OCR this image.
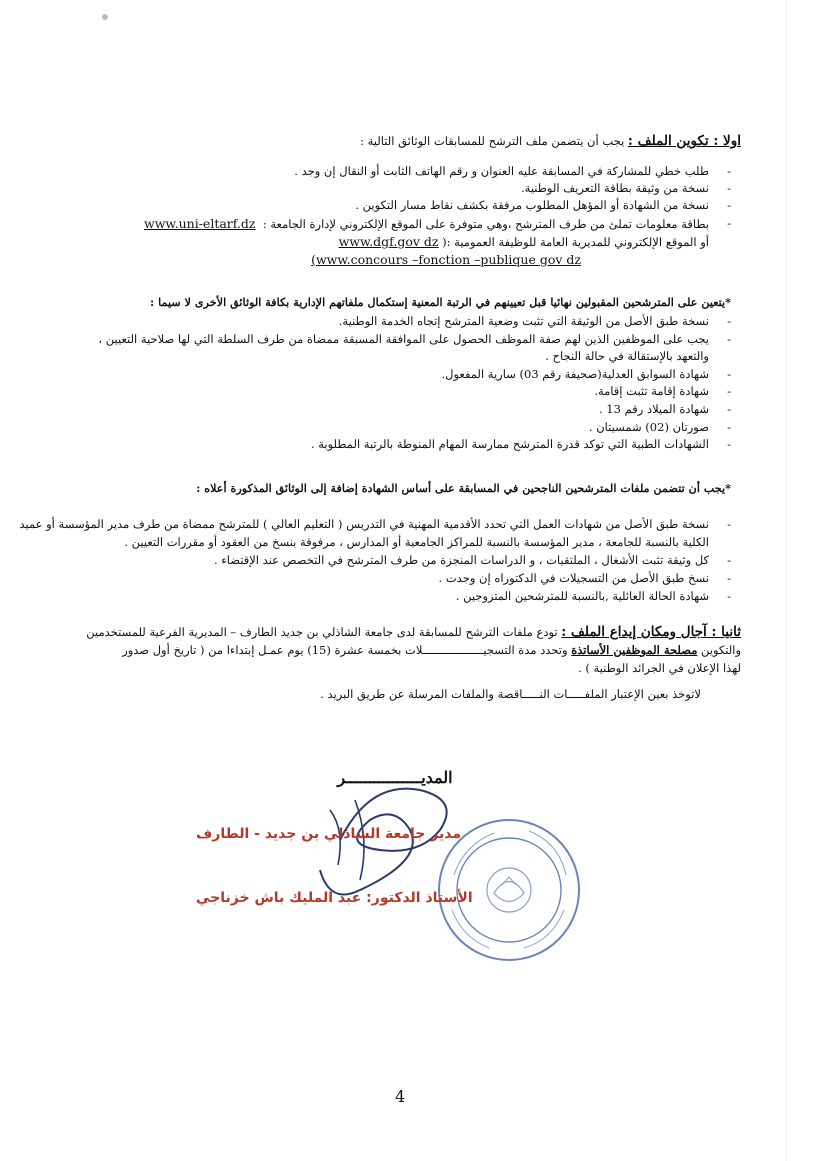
اولا : تكوين الملف : يجب أن يتضمن ملف الترشح للمسابقات الوثائق التالية :
-
طلب خطي للمشاركة في المسابقة عليه العنوان و رقم الهاتف الثابت أو النقال إن وجد .
-
نسخة من وثيقة بطاقة التعريف الوطنية.
-
نسخة من الشهادة أو المؤهل المطلوب مرفقة بكشف نقاط مسار التكوين .
-
بطاقة معلومات تملئ من طرف المترشح ،وهي متوفرة على الموقع الإلكتروني لإدارة الجامعة :  www.uni-eltarf.dz
أو الموقع الإلكتروني للمديرية العامة للوظيفة العمومية :( www.dgf.gov dz
www.concours –fonction –publique gov dz)
*يتعين على المترشحين المقبولين نهائيا قبل تعيينهم في الرتبة المعنية إستكمال ملفاتهم الإدارية بكافة الوثائق الأخرى لا سيما :
-
نسخة طبق الأصل من الوثيقة التي تثبت وضعية المترشح إتجاه الخدمة الوطنية.
-
يجب على الموظفين الذين لهم صفة الموظف الحصول على الموافقة المسبقة ممضاة من طرف السلطة التي لها صلاحية التعيين ،
والتعهد بالإستقالة في حالة النجاح .
-
شهادة السوابق العدلية(صحيفة رقم 03) سارية المفعول.
-
شهادة إقامة تثبت إقامة.
-
شهادة الميلاد رقم 13 .
-
صورتان (02) شمسيتان .
-
الشهادات الطبية التي توكد قدرة المترشح ممارسة المهام المنوطة بالرتبة المطلوبة .
*يجب أن تتضمن ملفات المترشحين الناجحين في المسابقة على أساس الشهادة إضافة إلى الوثائق المذكورة أعلاه :
-
نسخة طبق الأصل من شهادات العمل التي تحدد الأقدمية المهنية في التدريس ( التعليم العالي ) للمترشح ممضاة من طرف مدير المؤسسة أو عميد
الكلية بالنسبة للجامعة ، مدير المؤسسة بالنسبة للمراكز الجامعية أو المدارس ، مرفوقة بنسخ من العقود أو مقررات التعيين .
-
كل وثيقة تثبت الأشغال ، الملتقيات ، و الدراسات المنجزة من طرف المترشح في التخصص عند الإقتضاء .
-
نسخ طبق الأصل من التسجيلات في الدكتوراه إن وجدت .
-
شهادة الحالة العائلية ,بالنسبة للمترشحين المتزوجين .
ثانيا : آجال ومكان إيداع الملف : تودع ملفات الترشح للمسابقة لدى جامعة الشاذلي بن جديد الطارف – المديرية الفرعية للمستخدمين
والتكوين مصلحة الموظفين الأساتذة وتحدد مدة التسجيــــــــــــــــــلات بخمسة عشرة (15) يوم عمـل إبتداءا من ( تاريخ أول صدور
لهذا الإعلان في الجرائد الوطنية ) .
لاتوخذ بعين الإعتبار الملفـــــات النـــــاقصة والملفات المرسلة عن طريق البريد .
المديــــــــــــــــر
مدير جامعة الشاذلي بن جديد - الطارف
الأستاذ الدكتور: عبد المليك باش خزناجي
4
